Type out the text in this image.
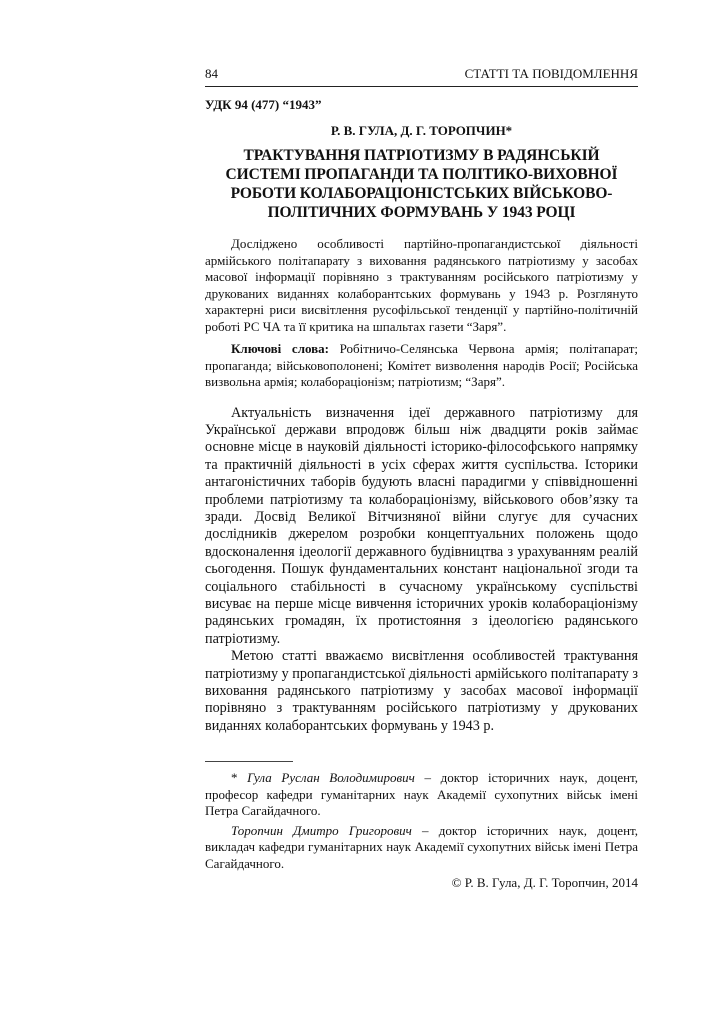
84	СТАТТІ ТА ПОВІДОМЛЕННЯ

УДК 94 (477) “1943”

Р. В. ГУЛА, Д. Г. ТОРОПЧИН*

ТРАКТУВАННЯ ПАТРІОТИЗМУ В РАДЯНСЬКІЙ СИСТЕМІ ПРОПАГАНДИ ТА ПОЛІТИКО-ВИХОВНОЇ РОБОТИ КОЛАБОРАЦІОНІСТСЬКИХ ВІЙСЬКОВО-ПОЛІТИЧНИХ ФОРМУВАНЬ У 1943 РОЦІ

Досліджено особливості партійно-пропагандистської діяльності армійського політапарату з виховання радянського патріотизму у засобах масової інформації порівняно з трактуванням російського патріотизму у друкованих виданнях колаборантських формувань у 1943 р. Розглянуто характерні риси висвітлення русофільської тенденції у партійно-політичній роботі РС ЧА та її критика на шпальтах газети “Заря”.

Ключові слова: Робітничо-Селянська Червона армія; політапарат; пропаганда; військовополонені; Комітет визволення народів Росії; Російська визвольна армія; колабораціонізм; патріотизм; “Заря”.

Актуальність визначення ідеї державного патріотизму для Української держави впродовж більш ніж двадцяти років займає основне місце в науковій діяльності історико-філософського напрямку та практичній діяльності в усіх сферах життя суспільства. Історики антагоністичних таборів будують власні парадигми у співвідношенні проблеми патріотизму та колабораціонізму, військового обов’язку та зради. Досвід Великої Вітчизняної війни слугує для сучасних дослідників джерелом розробки концептуальних положень щодо вдосконалення ідеології державного будівництва з урахуванням реалій сьогодення. Пошук фундаментальних констант національної згоди та соціального стабільності в сучасному українському суспільстві висуває на перше місце вивчення історичних уроків колабораціонізму радянських громадян, їх протистояння з ідеологією радянського патріотизму.

Метою статті вважаємо висвітлення особливостей трактування патріотизму у пропагандистської діяльності армійського політапарату з виховання радянського патріотизму у засобах масової інформації порівняно з трактуванням російського патріотизму у друкованих виданнях колаборантських формувань у 1943 р.

* Гула Руслан Володимирович – доктор історичних наук, доцент, професор кафедри гуманітарних наук Академії сухопутних військ імені Петра Сагайдачного.

Торопчин Дмитро Григорович – доктор історичних наук, доцент, викладач кафедри гуманітарних наук Академії сухопутних військ імені Петра Сагайдачного.

© Р. В. Гула, Д. Г. Торопчин, 2014
